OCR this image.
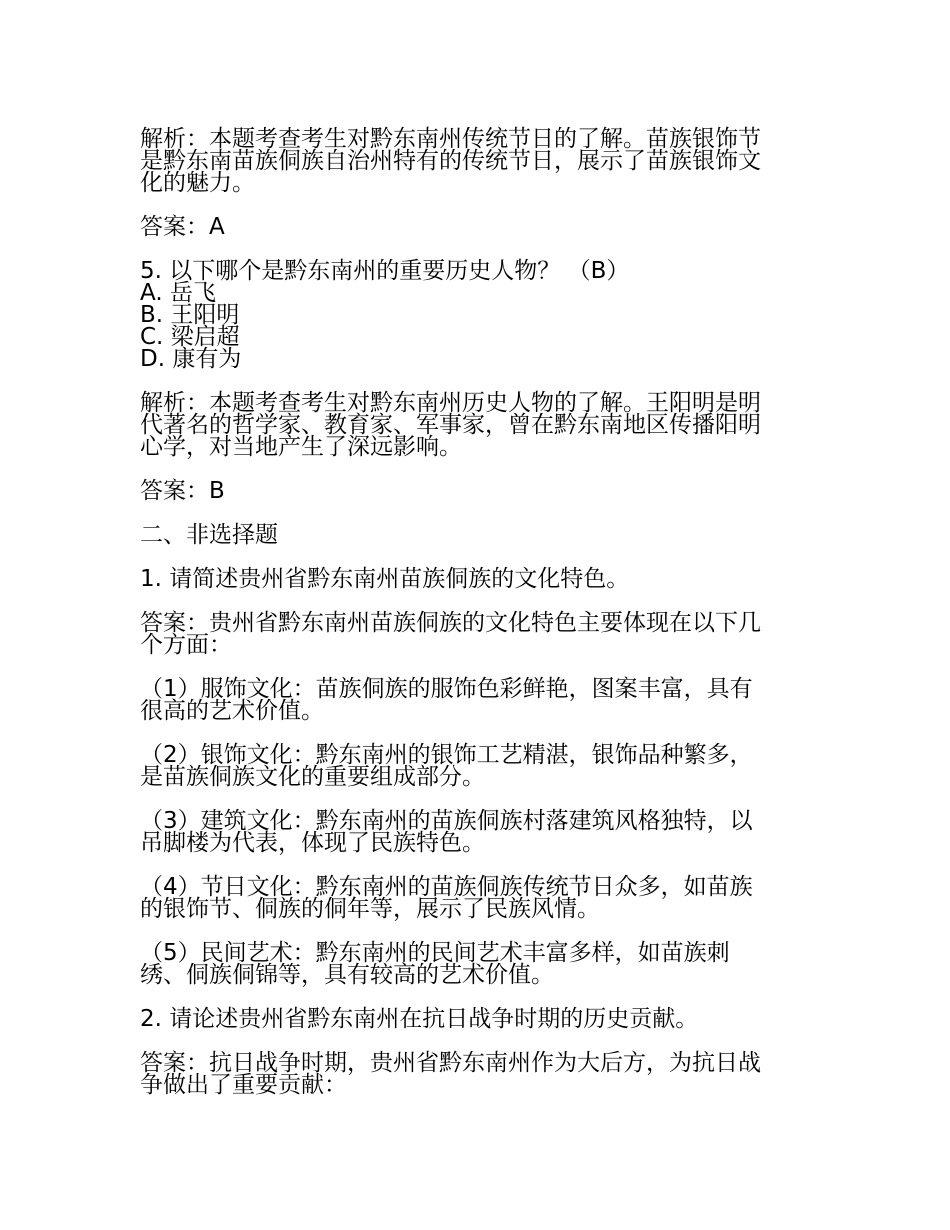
解析：本题考查考生对黔东南州传统节日的了解。苗族银饰节
是黔东南苗族侗族自治州特有的传统节日，展示了苗族银饰文
化的魅力。

答案：A

5. 以下哪个是黔东南州的重要历史人物？ （B）
A. 岳飞
B. 王阳明
C. 梁启超
D. 康有为

解析：本题考查考生对黔东南州历史人物的了解。王阳明是明
代著名的哲学家、教育家、军事家，曾在黔东南地区传播阳明
心学，对当地产生了深远影响。

答案：B

二、非选择题

1. 请简述贵州省黔东南州苗族侗族的文化特色。

答案：贵州省黔东南州苗族侗族的文化特色主要体现在以下几
个方面：

（1）服饰文化：苗族侗族的服饰色彩鲜艳，图案丰富，具有
很高的艺术价值。

（2）银饰文化：黔东南州的银饰工艺精湛，银饰品种繁多，
是苗族侗族文化的重要组成部分。

（3）建筑文化：黔东南州的苗族侗族村落建筑风格独特，以
吊脚楼为代表，体现了民族特色。

（4）节日文化：黔东南州的苗族侗族传统节日众多，如苗族
的银饰节、侗族的侗年等，展示了民族风情。

（5）民间艺术：黔东南州的民间艺术丰富多样，如苗族刺
绣、侗族侗锦等，具有较高的艺术价值。

2. 请论述贵州省黔东南州在抗日战争时期的历史贡献。

答案：抗日战争时期，贵州省黔东南州作为大后方，为抗日战
争做出了重要贡献：
